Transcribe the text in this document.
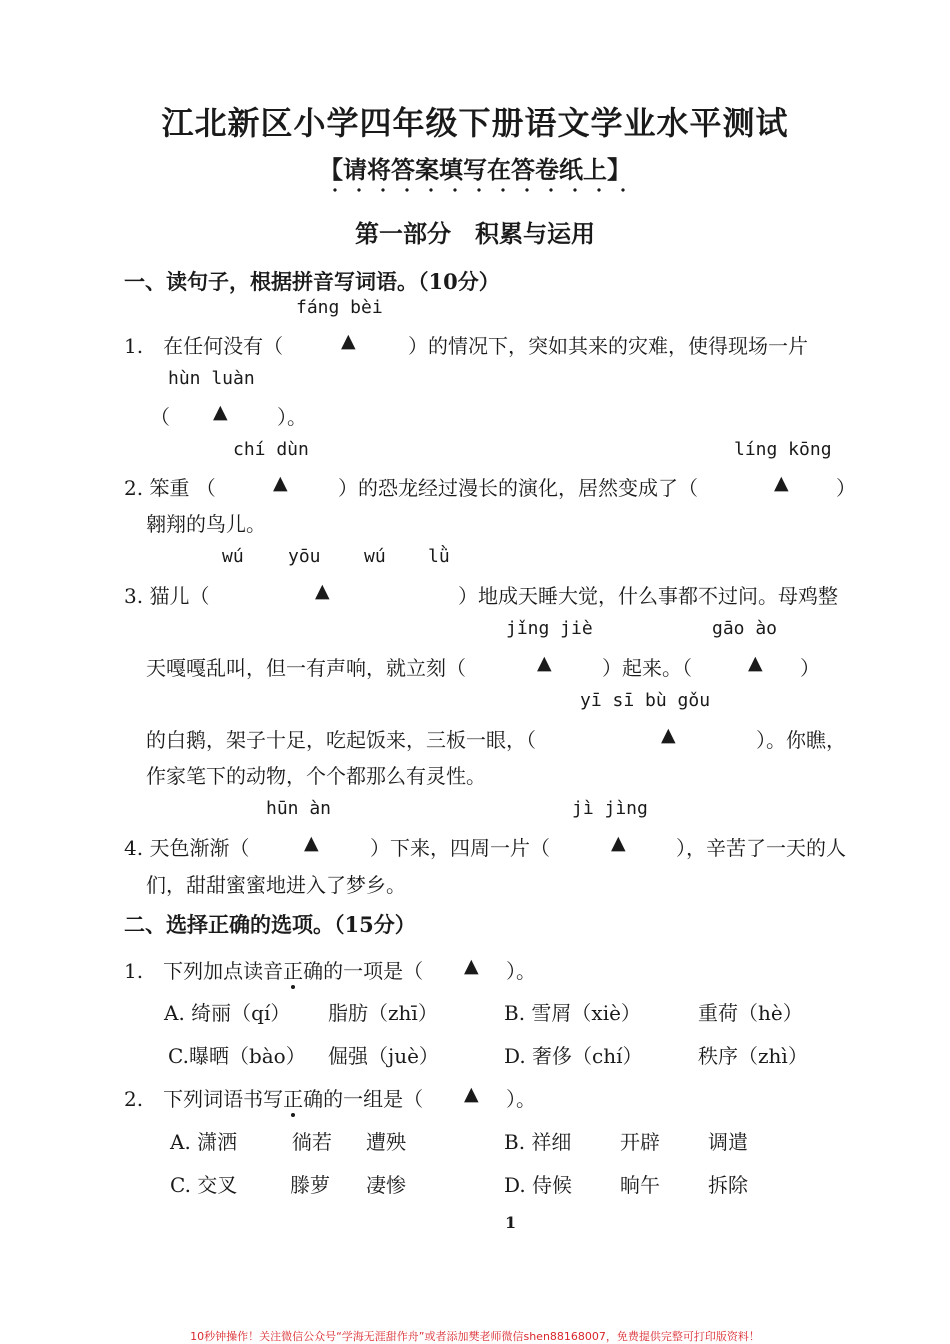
江北新区小学四年级下册语文学业水平测试
【请将答案填写在答卷纸上】
第一部分　积累与运用
一、读句子，根据拼音写词语。（10分）
fáng bèi
1.　在任何没有（	▲	）的情况下，突如其来的灾难，使得现场一片
hùn luàn
（ ▲ ）。
chí dùn	líng kōng
2. 笨重 （	▲	）的恐龙经过漫长的演化，居然变成了（	▲ ）
翱翔的鸟儿。
wú yōu wú lǜ
3. 猫儿（	▲	）地成天睡大觉，什么事都不过问。母鸡整
jǐng jiè	gāo ào
天嘎嘎乱叫，但一有声响，就立刻（	▲	）起来。（	▲ ）
yī sī bù gǒu
的白鹅，架子十足，吃起饭来，三板一眼，（	▲	）。你瞧，
作家笔下的动物，个个都那么有灵性。
hūn àn	jì jìng
4. 天色渐渐（	▲	）下来，四周一片（	▲	），辛苦了一天的人
们，甜甜蜜蜜地进入了梦乡。
二、选择正确的选项。（15分）
1.　下列加点读音正确的一项是（ ▲ ）。
A. 绮丽（qí） 脂肪（zhī）	B. 雪屑（xiè）	重荷（hè）
C.曝晒（bào） 倔强（juè）	D. 奢侈（chí）	秩序（zhì）
2.　下列词语书写正确的一组是（ ▲ ）。
A. 潇洒	徜若 遭殃	B. 祥细 开辟 调遣
C. 交叉	滕萝 凄惨	D. 侍候 晌午 拆除
1
10秒钟操作！关注微信公众号“学海无涯甜作舟”或者添加樊老师微信shen88168007，免费提供完整可打印版资料！
